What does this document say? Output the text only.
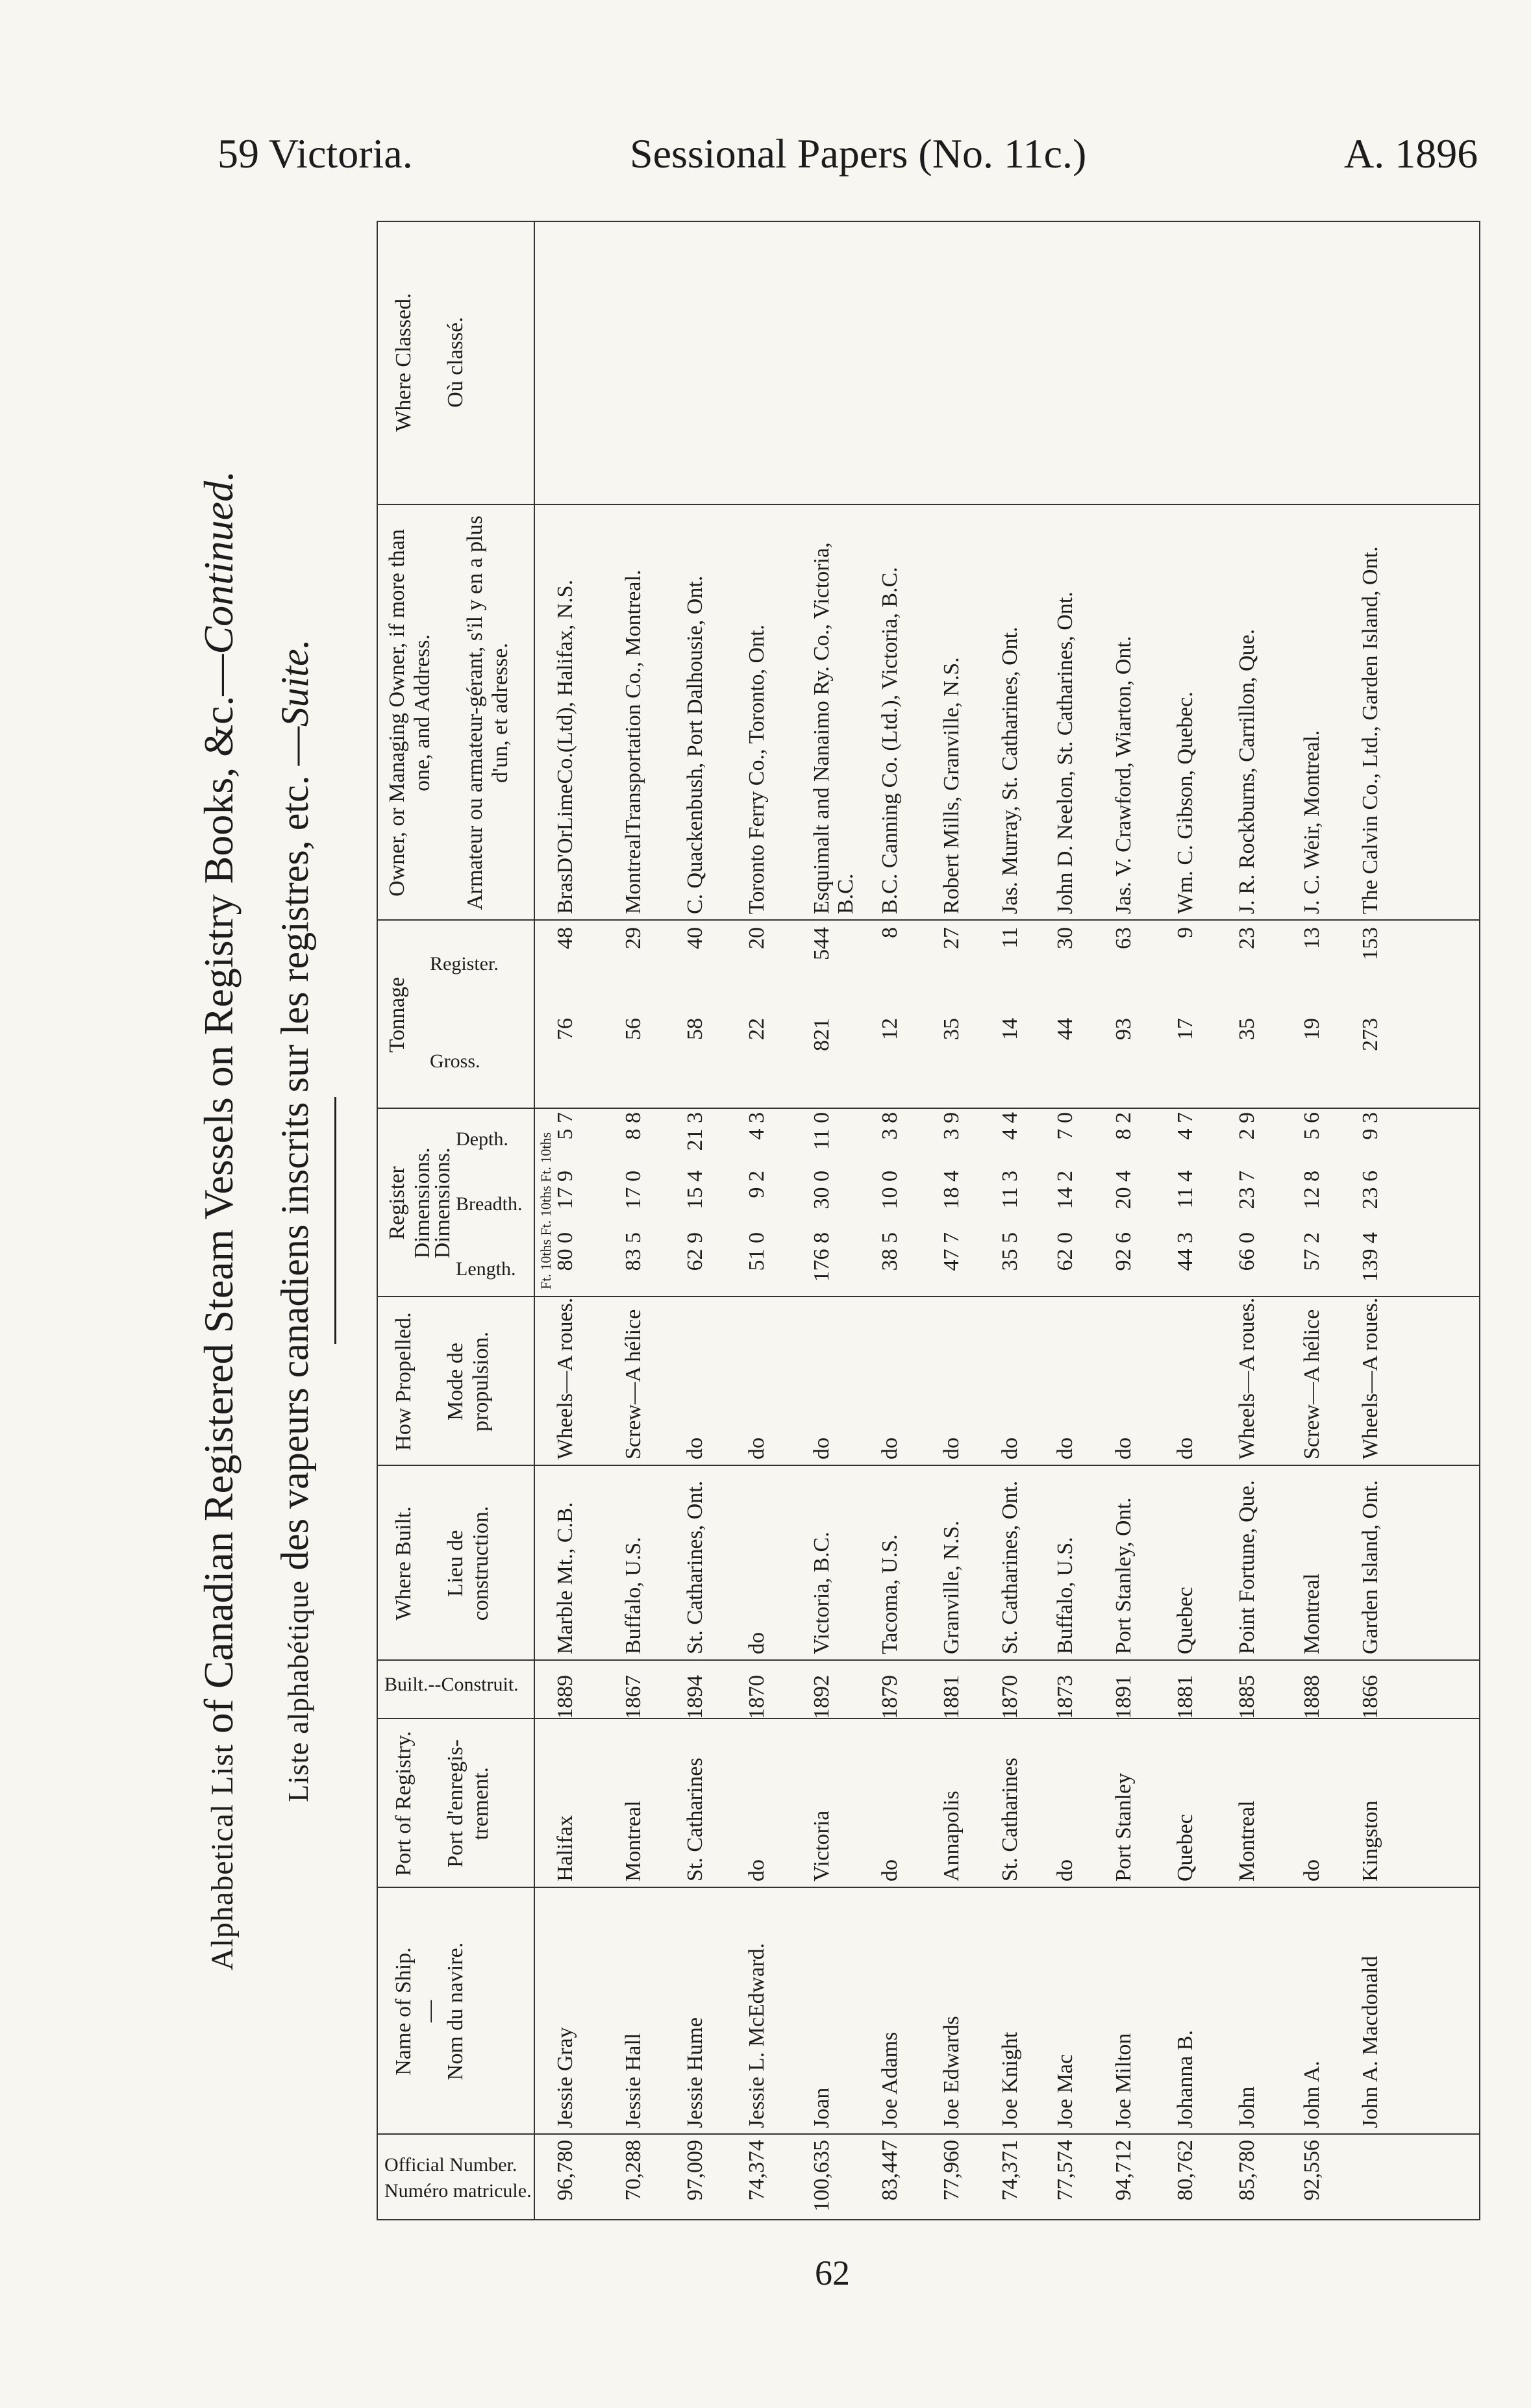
59 Victoria.	Sessional Papers (No. 11c.)	A. 1896
62
Alphabetical List of Canadian Registered Steam Vessels on Registry Books, &c.—Continued.
Liste alphabétique des vapeurs canadiens inscrits sur les registres, etc. —Suite.
Official Number.
Numéro matricule.
Name of Ship. — Nom du navire.
Port of Registry. Port d'enregis- trement.
Built.--Construit.
Where Built. Lieu de construction.
How Propelled. Mode de propulsion.
Register Dimensions.
Dimensions.
Length.
Breadth.
Depth. Ft. 10ths Ft. 10ths Ft. 10ths
Tonnage
Gross.
Register.
Owner, or Managing Owner, if more than one, and Address. Armateur ou armateur-gérant, s'il y en a plus d'un, et adresse.
Where Classed. Où classé.
96,780
Jessie Gray
Halifax
1889
Marble Mt., C.B.
Wheels—A roues.
80 0
17 9
5 7
76
48
BrasD'OrLimeCo.(Ltd), Halifax, N.S.
70,288
Jessie Hall
Montreal
1867
Buffalo, U.S.
Screw—A hélice
83 5
17 0
8 8
56
29
MontrealTransportation Co., Montreal.
97,009
Jessie Hume
St. Catharines
1894
St. Catharines, Ont.
do
62 9
15 4
21 3
58
40
C. Quackenbush, Port Dalhousie, Ont.
74,374
Jessie L. McEdward.
do
1870
do
do
51 0
9 2
4 3
22
20
Toronto Ferry Co., Toronto, Ont.
100,635
Joan
Victoria
1892
Victoria, B.C.
do
176 8
30 0
11 0
821
544
Esquimalt and Nanaimo Ry. Co., Victoria, B.C.
83,447
Joe Adams
do
1879
Tacoma, U.S.
do
38 5
10 0
3 8
12
8
B.C. Canning Co. (Ltd.), Victoria, B.C.
77,960
Joe Edwards
Annapolis
1881
Granville, N.S.
do
47 7
18 4
3 9
35
27
Robert Mills, Granville, N.S.
74,371
Joe Knight
St. Catharines
1870
St. Catharines, Ont.
do
35 5
11 3
4 4
14
11
Jas. Murray, St. Catharines, Ont.
77,574
Joe Mac
do
1873
Buffalo, U.S.
do
62 0
14 2
7 0
44
30
John D. Neelon, St. Catharines, Ont.
94,712
Joe Milton
Port Stanley
1891
Port Stanley, Ont.
do
92 6
20 4
8 2
93
63
Jas. V. Crawford, Wiarton, Ont.
80,762
Johanna B.
Quebec
1881
Quebec
do
44 3
11 4
4 7
17
9
Wm. C. Gibson, Quebec.
85,780
John
Montreal
1885
Point Fortune, Que.
Wheels—A roues.
66 0
23 7
2 9
35
23
J. R. Rockburns, Carrillon, Que.
92,556
John A.
do
1888
Montreal
Screw—A hélice
57 2
12 8
5 6
19
13
J. C. Weir, Montreal.
John A. Macdonald
Kingston
1866
Garden Island, Ont.
Wheels—A roues.
139 4
23 6
9 3
273
153
The Calvin Co., Ltd., Garden Island, Ont.
